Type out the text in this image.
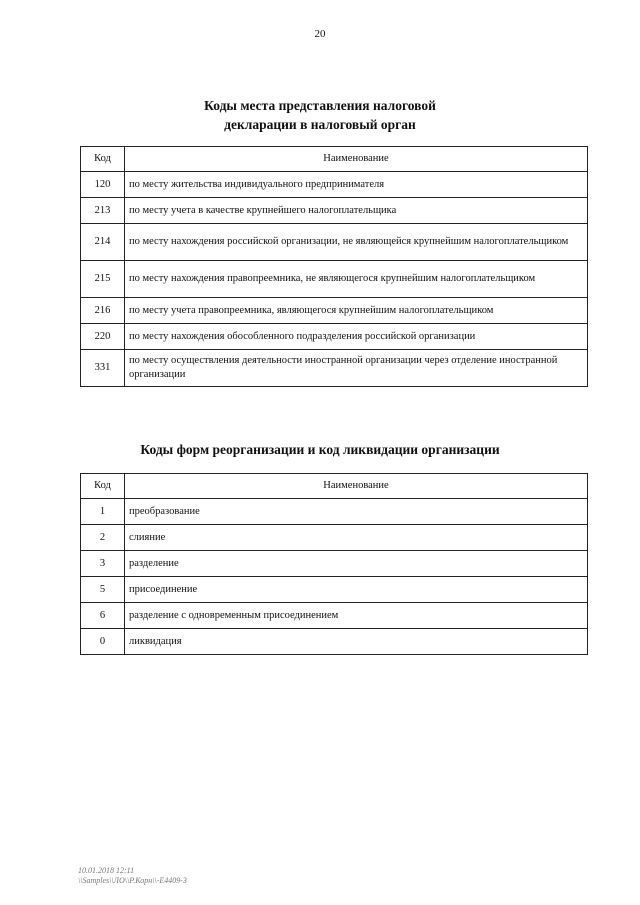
20
Коды места представления налоговой
декларации в налоговый орган
Код	Наименование
120	по месту жительства индивидуального предпринимателя
213	по месту учета в качестве крупнейшего налогоплательщика
214	по месту нахождения российской организации, не являющейся крупнейшим налогоплательщиком
215	по месту нахождения правопреемника, не являющегося крупнейшим налогоплательщиком
216	по месту учета правопреемника, являющегося крупнейшим налогоплательщиком
220	по месту нахождения обособленного подразделения российской организации
331	по месту осуществления деятельности иностранной организации через отделение иностранной организации
Коды форм реорганизации и код ликвидации организации
Код	Наименование
1	преобразование
2	слияние
3	разделение
5	присоединение
6	разделение с одновременным присоединением
0	ликвидация
10.01.2018 12:11
\\Samples\\ЛО\\Р.Корн\\-Е4409-3
